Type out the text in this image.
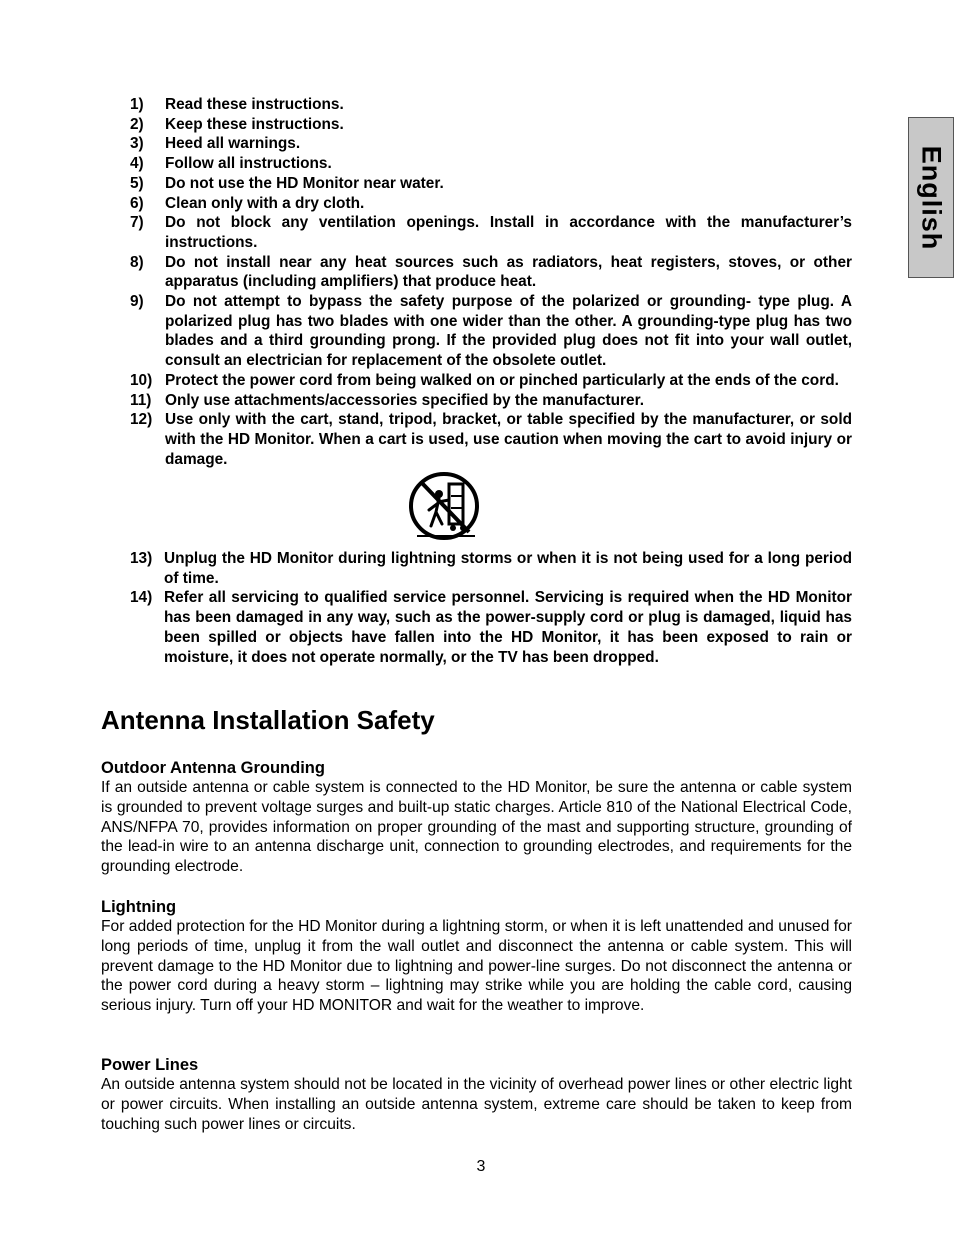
English
1) Read these instructions.
2) Keep these instructions.
3) Heed all warnings.
4) Follow all instructions.
5) Do not use the HD Monitor near water.
6) Clean only with a dry cloth.
7) Do not block any ventilation openings. Install in accordance with the manufacturer’s instructions.
8) Do not install near any heat sources such as radiators, heat registers, stoves, or other apparatus (including amplifiers) that produce heat.
9) Do not attempt to bypass the safety purpose of the polarized or grounding- type plug. A polarized plug has two blades with one wider than the other. A grounding-type plug has two blades and a third grounding prong. If the provided plug does not fit into your wall outlet, consult an electrician for replacement of the obsolete outlet.
10) Protect the power cord from being walked on or pinched particularly at the ends of the cord.
11) Only use attachments/accessories specified by the manufacturer.
12) Use only with the cart, stand, tripod, bracket, or table specified by the manufacturer, or sold with the HD Monitor. When a cart is used, use caution when moving the cart to avoid injury or damage.
13) Unplug the HD Monitor during lightning storms or when it is not being used for a long period of time.
14) Refer all servicing to qualified service personnel. Servicing is required when the HD Monitor has been damaged in any way, such as the power-supply cord or plug is damaged, liquid has been spilled or objects have fallen into the HD Monitor, it has been exposed to rain or moisture, it does not operate normally, or the TV has been dropped.
Antenna Installation Safety
Outdoor Antenna Grounding

If an outside antenna or cable system is connected to the HD Monitor, be sure the antenna or cable system is grounded to prevent voltage surges and built-up static charges. Article 810 of the National Electrical Code, ANS/NFPA 70, provides information on proper grounding of the mast and supporting structure, grounding of the lead-in wire to an antenna discharge unit, connection to grounding electrodes, and requirements for the grounding electrode.

Lightning

For added protection for the HD Monitor during a lightning storm, or when it is left unattended and unused for long periods of time, unplug it from the wall outlet and disconnect the antenna or cable system. This will prevent damage to the HD Monitor due to lightning and power-line surges. Do not disconnect the antenna or the power cord during a heavy storm – lightning may strike while you are holding the cable cord, causing serious injury. Turn off your HD MONITOR and wait for the weather to improve.

Power Lines

An outside antenna system should not be located in the vicinity of overhead power lines or other electric light or power circuits. When installing an outside antenna system, extreme care should be taken to keep from touching such power lines or circuits.

3
